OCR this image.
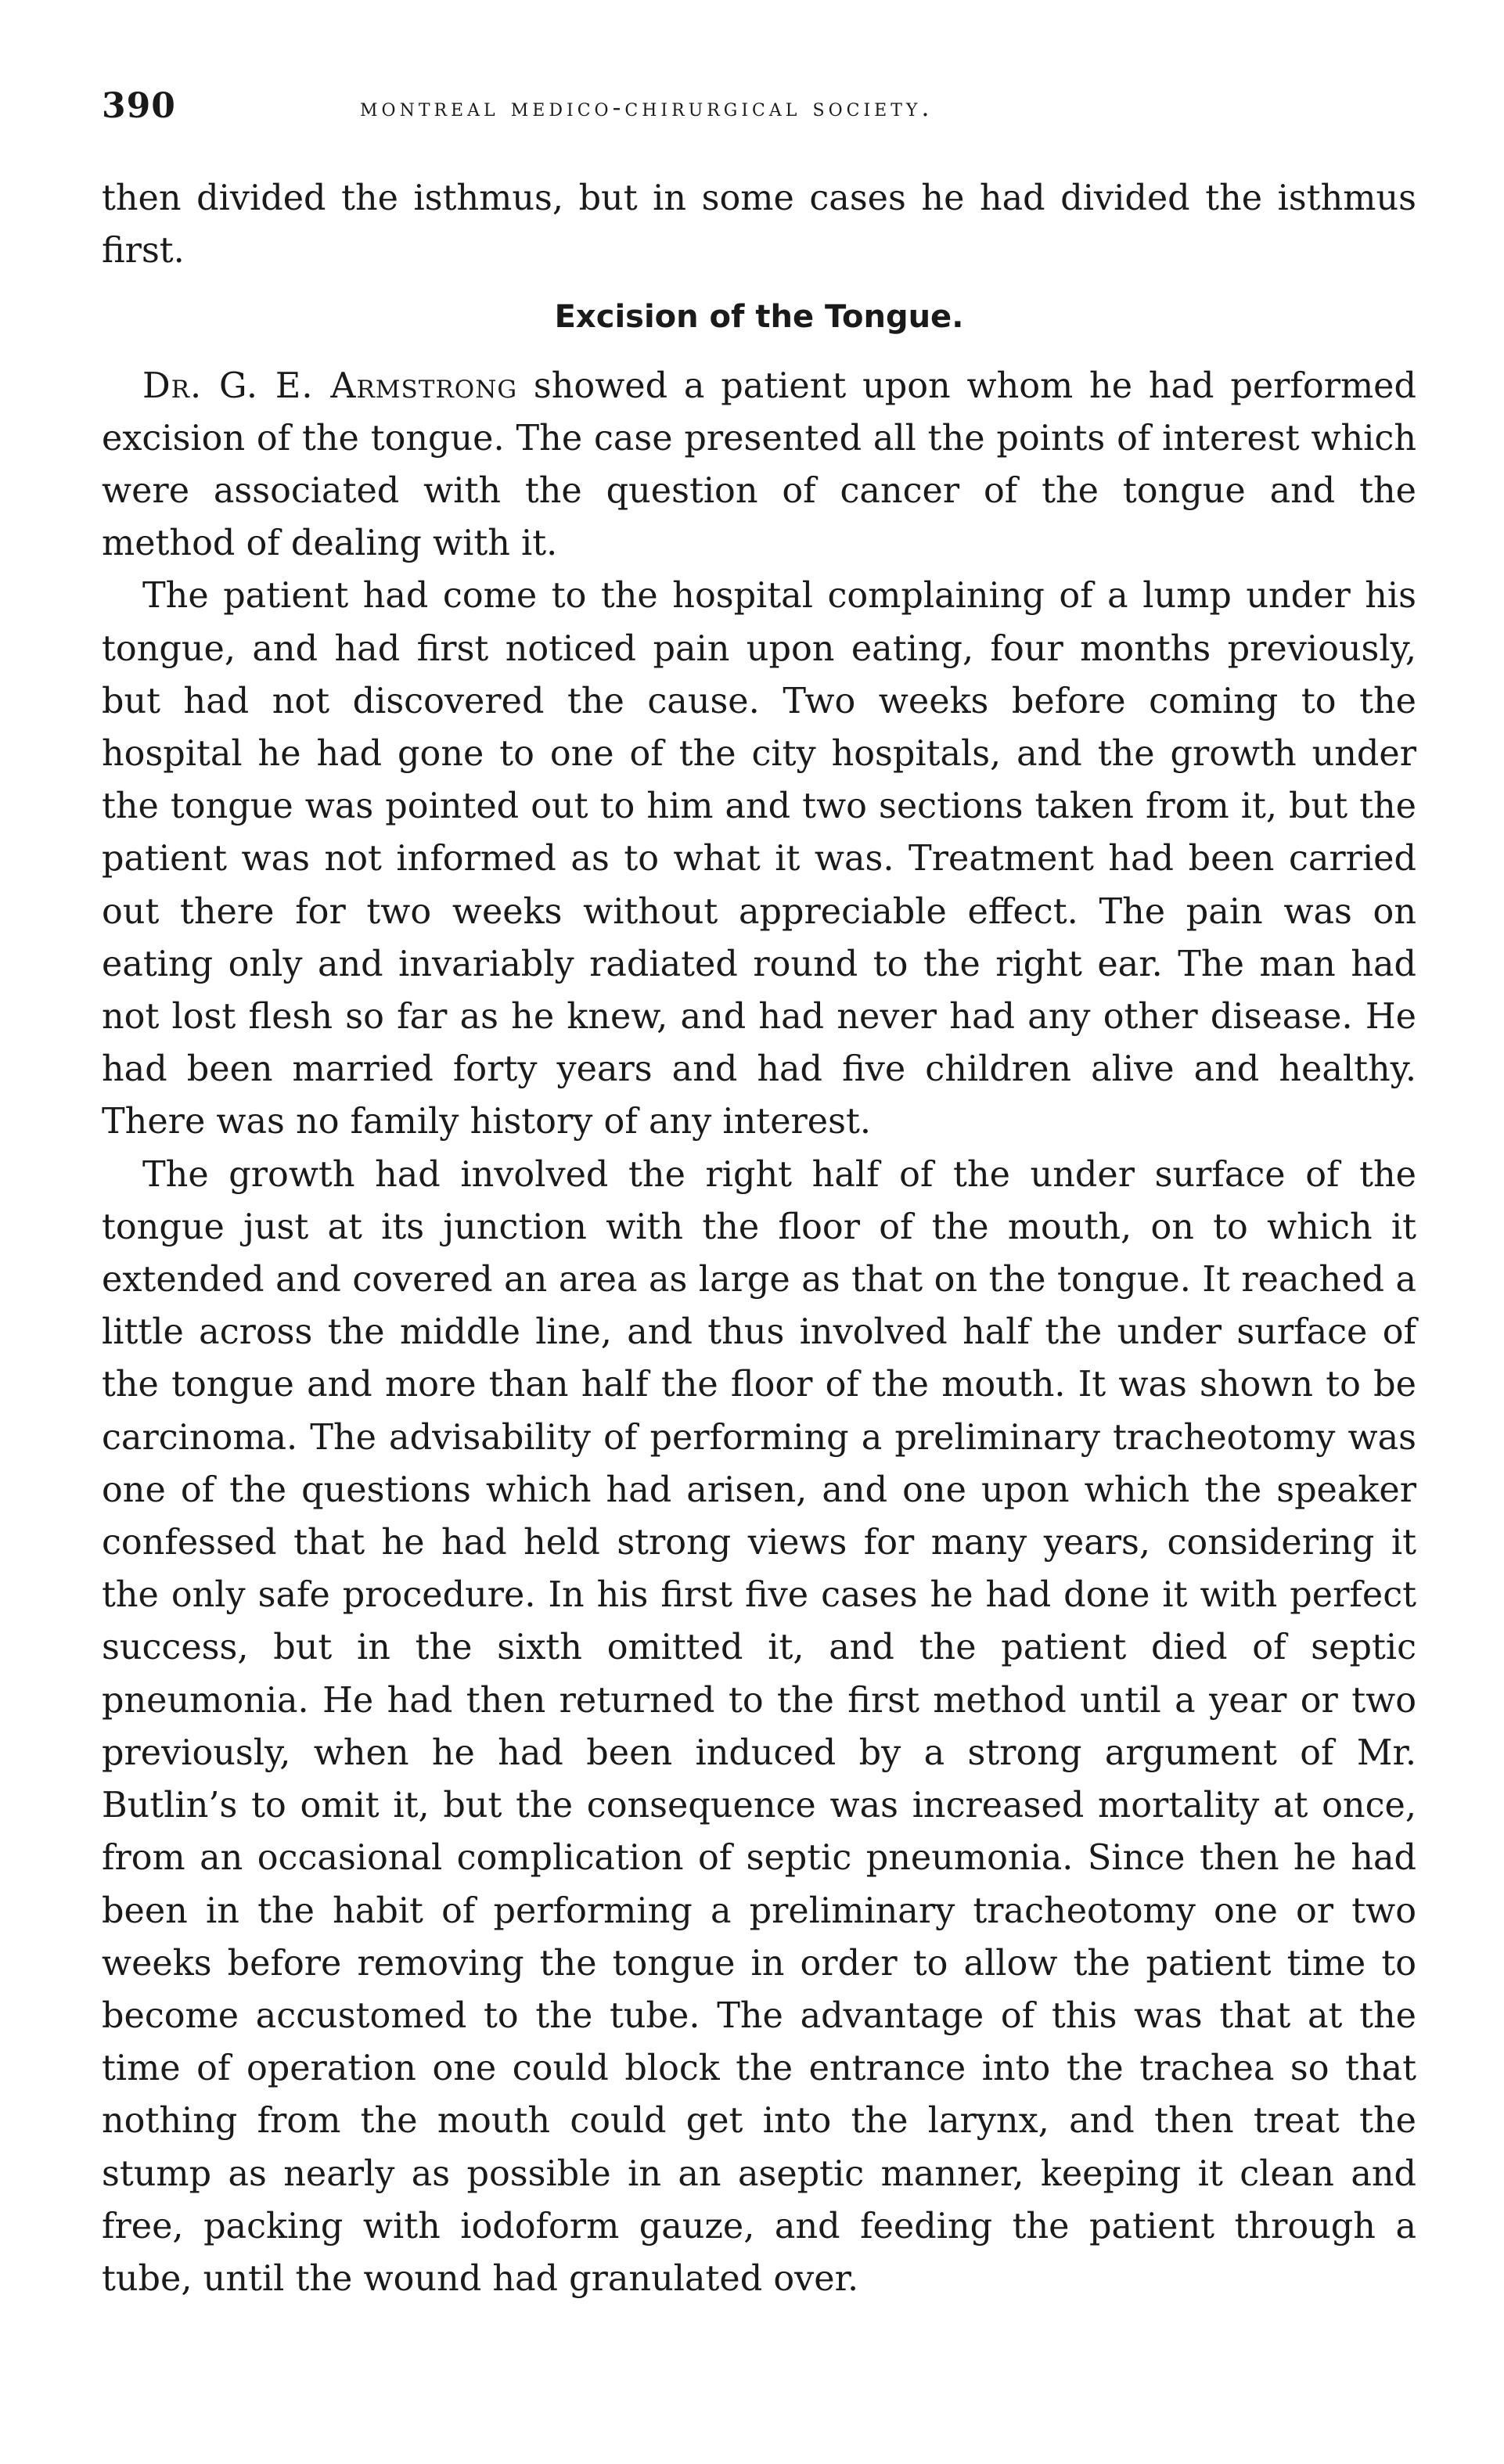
390	montreal medico-chirurgical society.

then divided the isthmus, but in some cases he had divided the isthmus first.

Excision of the Tongue.

Dr. G. E. Armstrong showed a patient upon whom he had performed excision of the tongue. The case presented all the points of interest which were associated with the question of cancer of the tongue and the method of dealing with it.

The patient had come to the hospital complaining of a lump under his tongue, and had first noticed pain upon eating, four months previously, but had not discovered the cause. Two weeks before coming to the hospital he had gone to one of the city hospitals, and the growth under the tongue was pointed out to him and two sections taken from it, but the patient was not informed as to what it was. Treatment had been carried out there for two weeks without appreciable effect. The pain was on eating only and invariably radiated round to the right ear. The man had not lost flesh so far as he knew, and had never had any other disease. He had been married forty years and had five children alive and healthy. There was no family history of any interest.

The growth had involved the right half of the under surface of the tongue just at its junction with the floor of the mouth, on to which it extended and covered an area as large as that on the tongue. It reached a little across the middle line, and thus involved half the under surface of the tongue and more than half the floor of the mouth. It was shown to be carcinoma. The advisability of performing a preliminary tracheotomy was one of the questions which had arisen, and one upon which the speaker confessed that he had held strong views for many years, considering it the only safe procedure. In his first five cases he had done it with perfect success, but in the sixth omitted it, and the patient died of septic pneumonia. He had then returned to the first method until a year or two previously, when he had been induced by a strong argument of Mr. Butlin’s to omit it, but the consequence was increased mortality at once, from an occasional complication of septic pneumonia. Since then he had been in the habit of performing a preliminary tracheotomy one or two weeks before removing the tongue in order to allow the patient time to become accustomed to the tube. The advantage of this was that at the time of operation one could block the entrance into the trachea so that nothing from the mouth could get into the larynx, and then treat the stump as nearly as possible in an aseptic manner, keeping it clean and free, packing with iodoform gauze, and feeding the patient through a tube, until the wound had granulated over.
